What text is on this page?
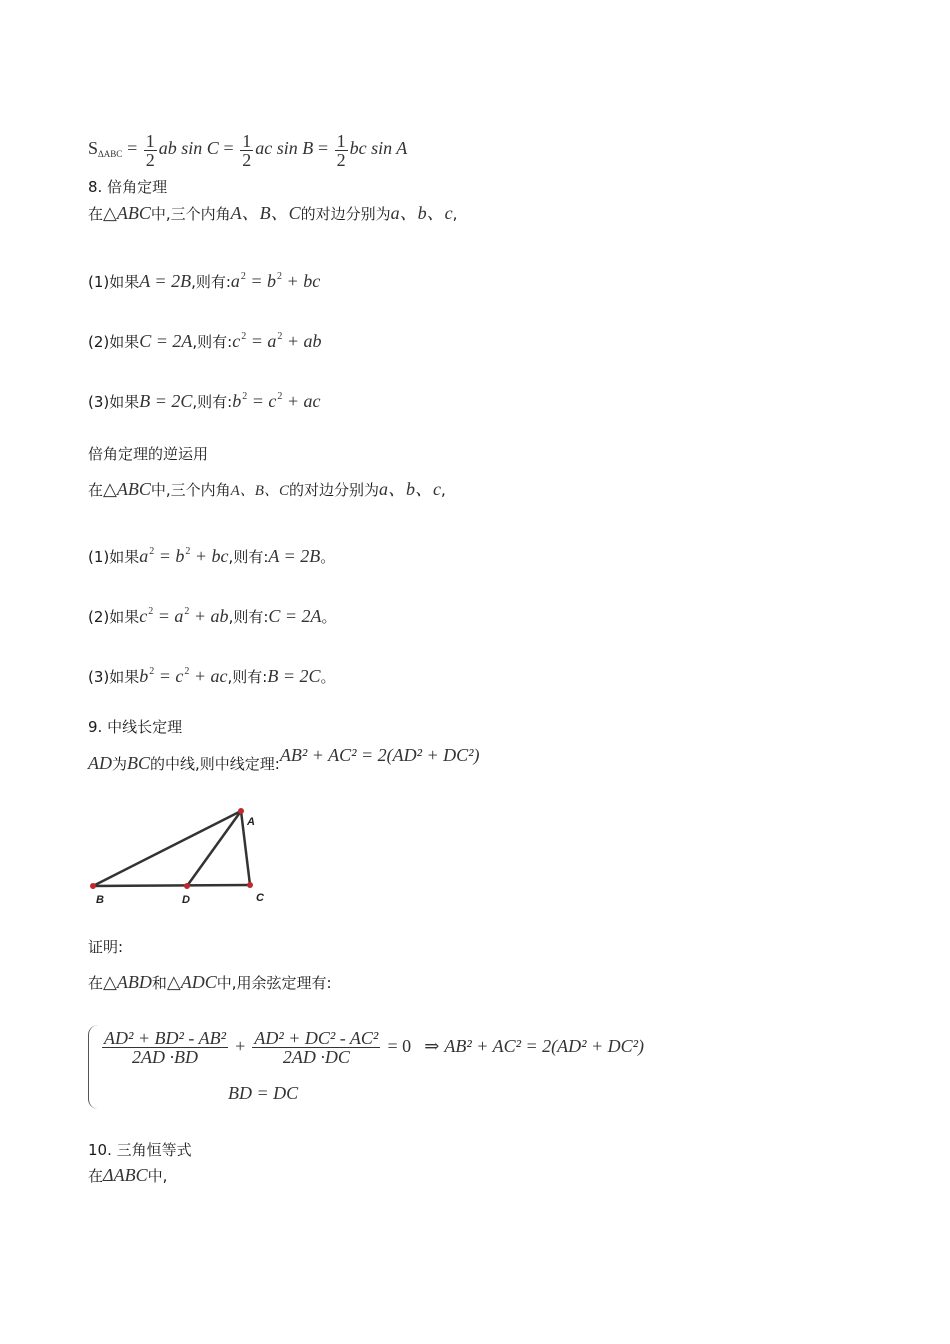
$S_{\Delta ABC} = \frac{1}{2}$ ab $\sin C = \frac{1}{2}$ ac $\sin B = \frac{1}{2}$ bc sin A
8. 倍角定理
在△ABC中,三个内角A、B、C的对边分别为a、b、c,
(1)如果A = 2B,则有$:a^2 = b^2$ + bc
(2)如果C = 2A,则有$:c^2 = a^2$ + ab
(3)如果B = 2C,则有$:b^2 = c^2$ + ac
倍角定理的逆运用
在△ABC中,三个内角A、B、C的对边分别为a、b、c,
(1)如果$a^2 = b^2$ + bc,则有:A = 2B。
(2)如果$c^2 = a^2$ + ab,则有:C = 2A。
(3)如果$b^2 = c^2$ + ac,则有:B = 2C。
9. 中线长定理
AD为BC的中线,则中线定理:AB² + AC² = 2(AD² + DC²)
A
B	D	C
证明:
在△ABD和△ADC中,用余弦定理有:
$\frac{\text{AD² + BD² - AB²}}{2AD \cdot BD} + \frac{\text{AD² + DC² - AC²}}{2AD \cdot DC} = 0$ ⇒ AB² + AC² = 2(AD² + DC²)
BD = DC
10. 三角恒等式
在ΔABC中,
